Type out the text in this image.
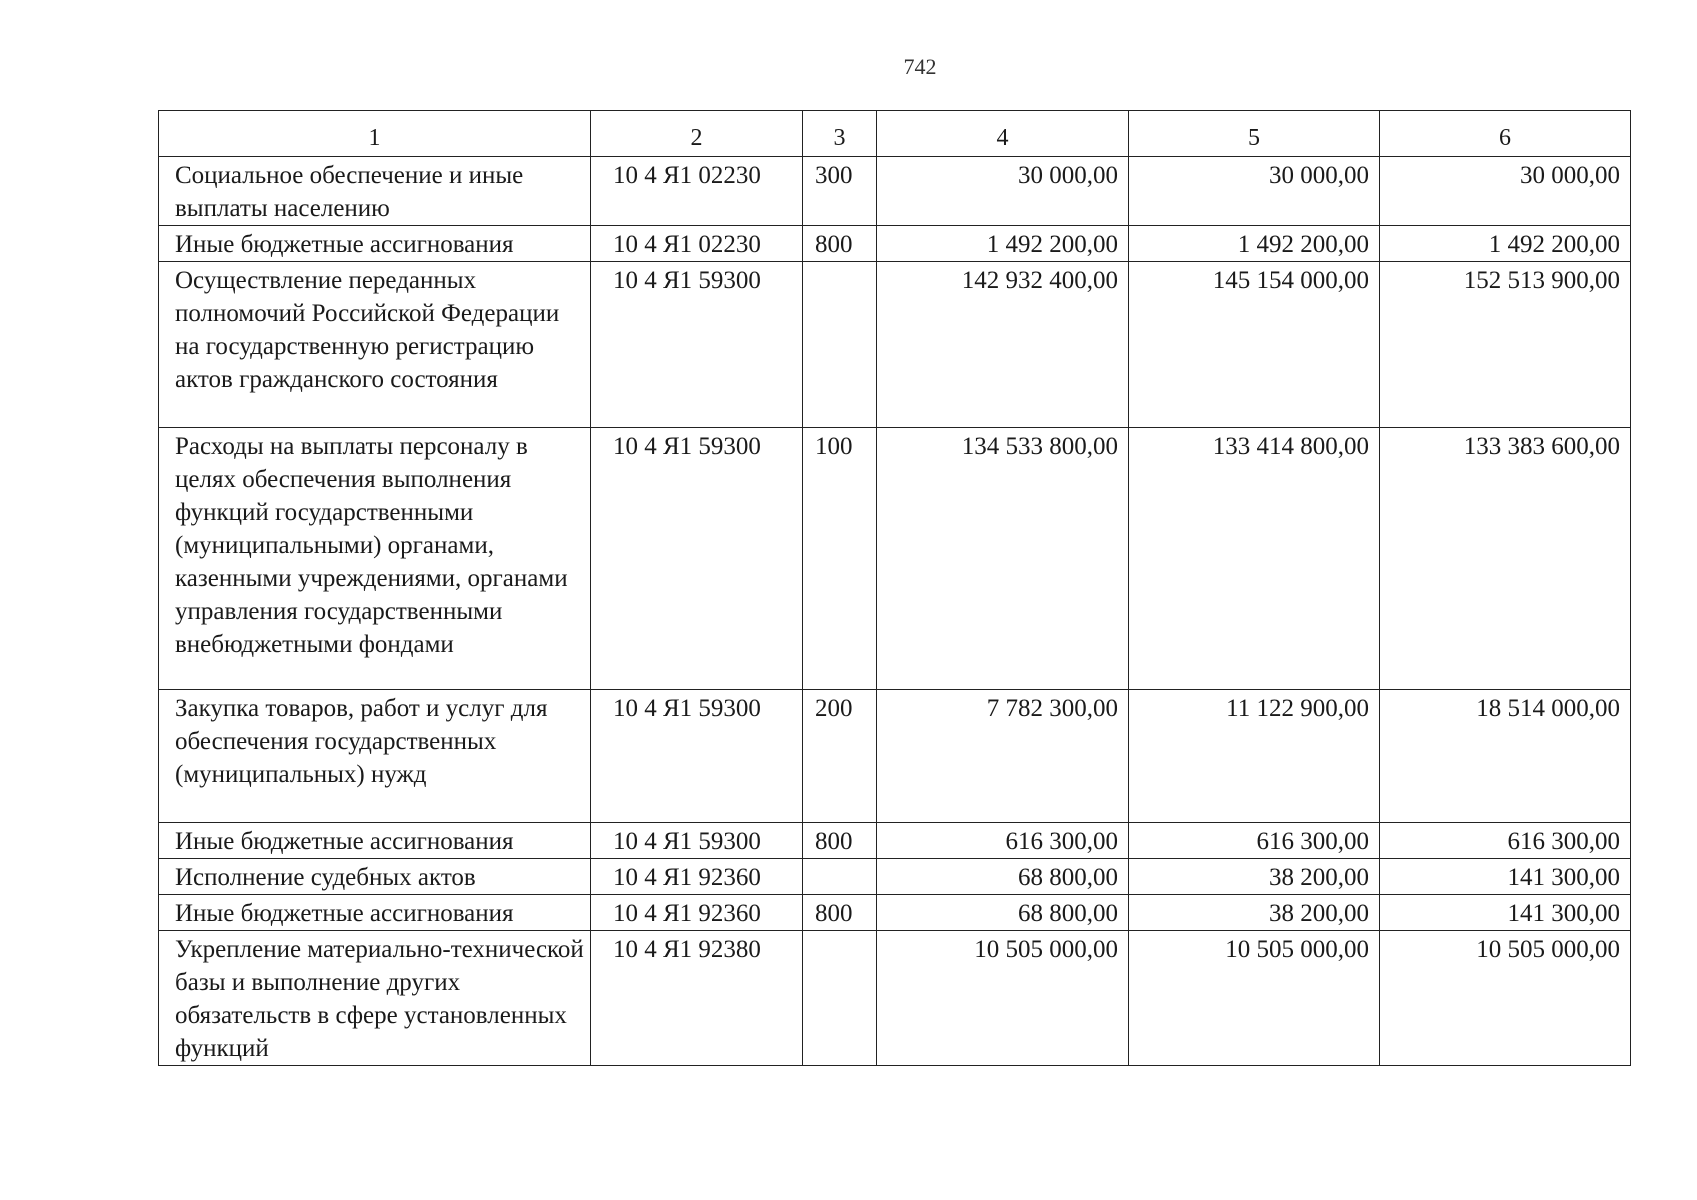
742
1	2	3	4	5	6
Социальное обеспечение и иные выплаты населению	10 4 Я1 02230	300	30 000,00	30 000,00	30 000,00
Иные бюджетные ассигнования	10 4 Я1 02230	800	1 492 200,00	1 492 200,00	1 492 200,00
Осуществление переданных полномочий Российской Федерации на государственную регистрацию актов гражданского состояния	10 4 Я1 59300		142 932 400,00	145 154 000,00	152 513 900,00
Расходы на выплаты персоналу в целях обеспечения выполнения функций государственными (муниципальными) органами, казенными учреждениями, органами управления государственными внебюджетными фондами	10 4 Я1 59300	100	134 533 800,00	133 414 800,00	133 383 600,00
Закупка товаров, работ и услуг для обеспечения государственных (муниципальных) нужд	10 4 Я1 59300	200	7 782 300,00	11 122 900,00	18 514 000,00
Иные бюджетные ассигнования	10 4 Я1 59300	800	616 300,00	616 300,00	616 300,00
Исполнение судебных актов	10 4 Я1 92360		68 800,00	38 200,00	141 300,00
Иные бюджетные ассигнования	10 4 Я1 92360	800	68 800,00	38 200,00	141 300,00
Укрепление материально-технической базы и выполнение других обязательств в сфере установленных функций	10 4 Я1 92380		10 505 000,00	10 505 000,00	10 505 000,00
